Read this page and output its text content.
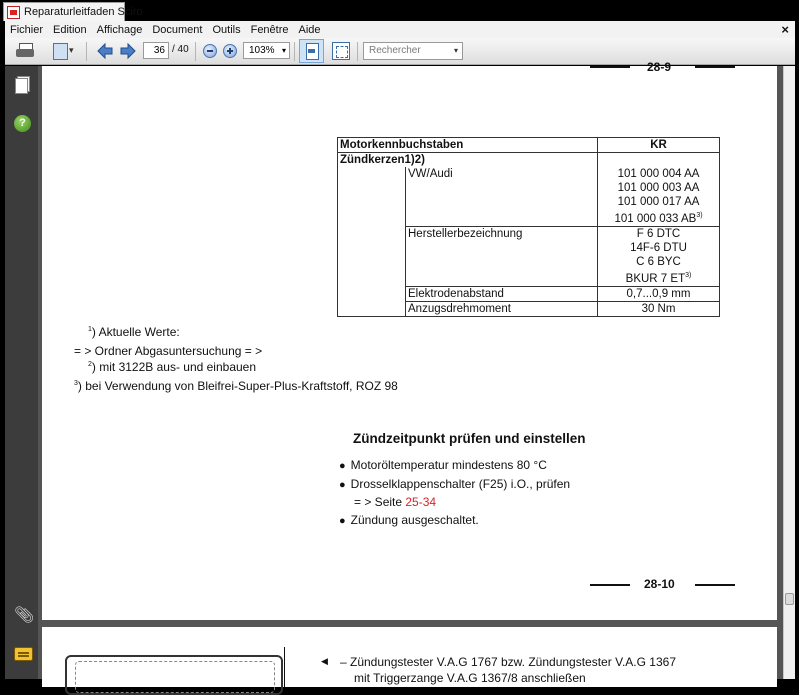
Reparaturleitfaden Sciro
Fichier Edition Affichage Document Outils Fenêtre Aide	×
▾
36 / 40	103% ▾	Rechercher	▾
?
📎︎
28-9
Motorkennbuchstaben		KR
Zündkerzen1)2)		
	VW/Audi	101 000 004 AA
101 000 003 AA
101 000 017 AA
101 000 033 AB$^{3)}$

	Herstellerbezeichnung	F 6 DTC
14F-6 DTU
C 6 BYC
BKUR 7 ET$^{3)}$

	Elektrodenabstand	0,7...0,9 mm
	Anzugsdrehmoment	30 Nm
$^1$) Aktuelle Werte:
= > Ordner Abgasuntersuchung = >
$^2$) mit 3122B aus- und einbauen
$^3$) bei Verwendung von Bleifrei-Super-Plus-Kraftstoff, ROZ 98
Zündzeitpunkt prüfen und einstellen
● Motoröltemperatur mindestens 80 °C
● Drosselklappenschalter (F25) i.O., prüfen
= > Seite 25-34
● Zündung ausgeschaltet.
28-10
◀ – Zündungstester V.A.G 1767 bzw. Zündungstester V.A.G 1367
mit Triggerzange V.A.G 1367/8 anschließen
